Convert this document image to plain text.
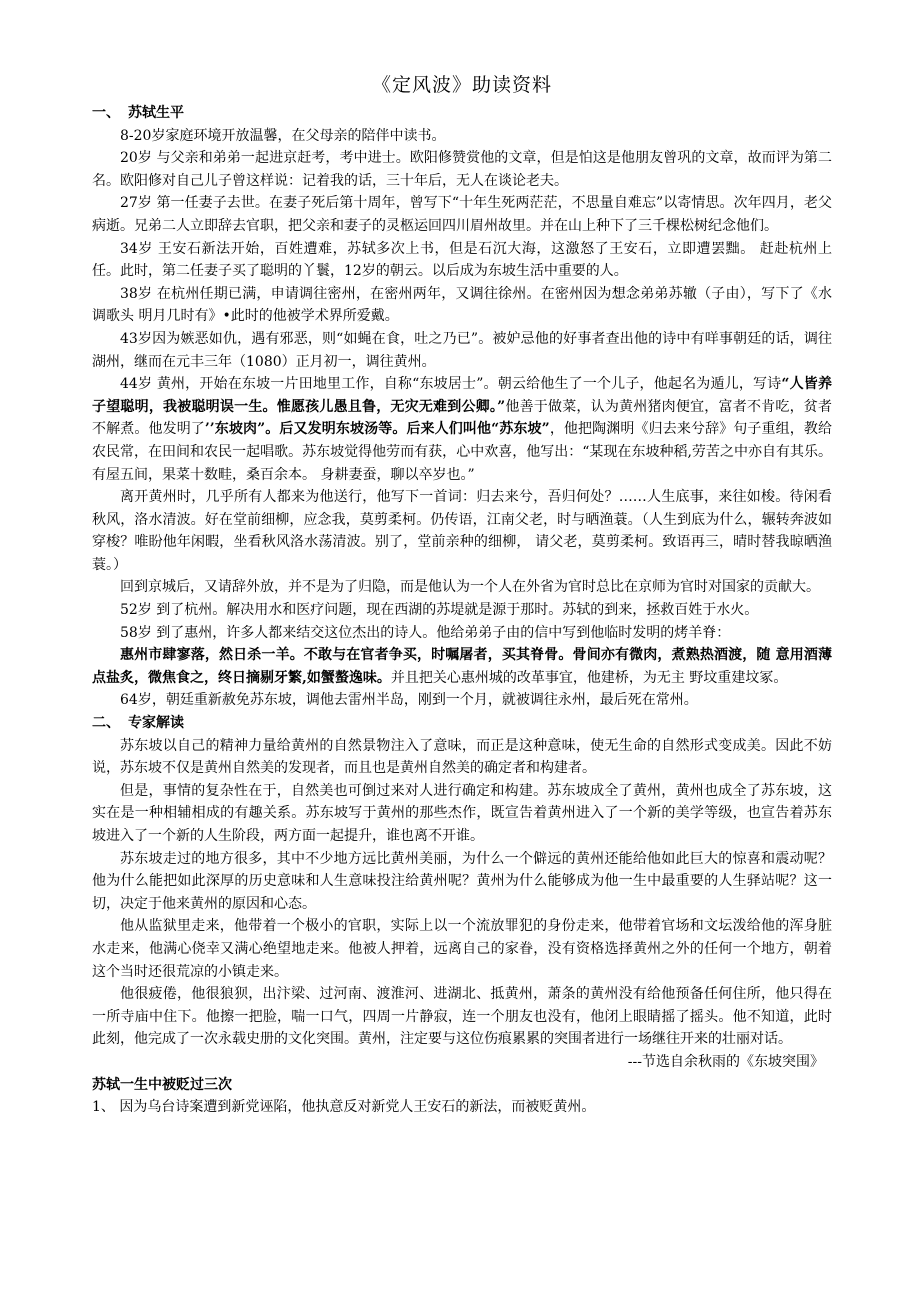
《定风波》助读资料
一、 苏轼生平

8-20岁家庭环境开放温馨，在父母亲的陪伴中读书。

20岁 与父亲和弟弟一起进京赶考，考中进士。欧阳修赞赏他的文章，但是怕这是他朋友曾巩的文章，故而评为第二名。欧阳修对自己儿子曾这样说：记着我的话，三十年后，无人在谈论老夫。

27岁 第一任妻子去世。在妻子死后第十周年，曾写下“十年生死两茫茫，不思量自难忘”以寄情思。次年四月，老父病逝。兄弟二人立即辞去官职，把父亲和妻子的灵柩运回四川眉州故里。并在山上种下了三千棵松树纪念他们。

34岁 王安石新法开始，百姓遭难，苏轼多次上书，但是石沉大海，这激怒了王安石，立即遭罢黜。 赶赴杭州上任。此时，第二任妻子买了聪明的丫鬟，12岁的朝云。以后成为东坡生活中重要的人。

38岁 在杭州任期已满，申请调往密州，在密州两年，又调往徐州。在密州因为想念弟弟苏辙（子由），写下了《水调歌头 明月几时有》•此时的他被学术界所爱戴。

43岁因为嫉恶如仇，遇有邪恶，则“如蝇在食，吐之乃已”。被妒忌他的好事者查出他的诗中有咩事朝廷的话，调往湖州，继而在元丰三年（1080）正月初一，调往黄州。

44岁 黄州，开始在东坡一片田地里工作，自称“东坡居士”。朝云给他生了一个儿子，他起名为遁儿，写诗“人皆养子望聪明，我被聪明误一生。惟愿孩儿愚且鲁，无灾无难到公卿。”他善于做菜，认为黄州猪肉便宜，富者不肯吃，贫者不解煮。他发明了’’东坡肉”。后又发明东坡汤等。后来人们叫他“苏东坡”，他把陶渊明《归去来兮辞》句子重组，教给农民常，在田间和农民一起唱歌。苏东坡觉得他劳而有获，心中欢喜，他写出：“某现在东坡种稻,劳苦之中亦自有其乐。有屋五间，果菜十数畦，桑百余本。 身耕妻蚕，聊以卒岁也。”

离开黄州时，几乎所有人都来为他送行，他写下一首词：归去来兮，吾归何处？……人生底事，来往如梭。待闲看秋风，洛水清波。好在堂前细柳，应念我，莫剪柔柯。仍传语，江南父老，时与晒渔蓑。（人生到底为什么，辗转奔波如穿梭？唯盼他年闲暇，坐看秋风洛水荡清波。别了，堂前亲种的细柳， 请父老，莫剪柔柯。致语再三，晴时替我晾晒渔蓑。）

回到京城后，又请辞外放，并不是为了归隐，而是他认为一个人在外省为官时总比在京师为官时对国家的贡献大。

52岁 到了杭州。解决用水和医疗问题，现在西湖的苏堤就是源于那时。苏轼的到来，拯救百姓于水火。

58岁 到了惠州，许多人都来结交这位杰出的诗人。他给弟弟子由的信中写到他临时发明的烤羊脊：

惠州市肆寥落，然日杀一羊。不敢与在官者争买，时嘱屠者，买其脊骨。骨间亦有微肉，煮熟热酒渡，随 意用酒薄点盐炙，微焦食之，终日摘剔牙繁,如蟹螯逸味。并且把关心惠州城的改革事宜，他建桥，为无主 野坟重建坟冢。

64岁，朝廷重新赦免苏东坡，调他去雷州半岛，刚到一个月，就被调往永州，最后死在常州。

二、 专家解读

苏东坡以自己的精神力量给黄州的自然景物注入了意味，而正是这种意味，使无生命的自然形式变成美。因此不妨说，苏东坡不仅是黄州自然美的发现者，而且也是黄州自然美的确定者和构建者。

但是，事情的复杂性在于，自然美也可倒过来对人进行确定和构建。苏东坡成全了黄州，黄州也成全了苏东坡，这实在是一种相辅相成的有趣关系。苏东坡写于黄州的那些杰作，既宣告着黄州进入了一个新的美学等级，也宣告着苏东坡进入了一个新的人生阶段，两方面一起提升，谁也离不开谁。

苏东坡走过的地方很多，其中不少地方远比黄州美丽，为什么一个僻远的黄州还能给他如此巨大的惊喜和震动呢？他为什么能把如此深厚的历史意味和人生意味投注给黄州呢？黄州为什么能够成为他一生中最重要的人生驿站呢？这一切，决定于他来黄州的原因和心态。

他从监狱里走来，他带着一个极小的官职，实际上以一个流放罪犯的身份走来，他带着官场和文坛泼给他的浑身脏水走来，他满心侥幸又满心绝望地走来。他被人押着，远离自己的家眷，没有资格选择黄州之外的任何一个地方，朝着这个当时还很荒凉的小镇走来。

他很疲倦，他很狼狈，出汴梁、过河南、渡淮河、进湖北、抵黄州，萧条的黄州没有给他预备任何住所，他只得在一所寺庙中住下。他擦一把脸，喘一口气，四周一片静寂，连一个朋友也没有，他闭上眼睛摇了摇头。他不知道，此时此刻，他完成了一次永载史册的文化突围。黄州，注定要与这位伤痕累累的突围者进行一场继往开来的壮丽对话。

---节选自余秋雨的《东坡突围》

苏轼一生中被贬过三次

1、 因为乌台诗案遭到新党诬陷，他执意反对新党人王安石的新法，而被贬黄州。
